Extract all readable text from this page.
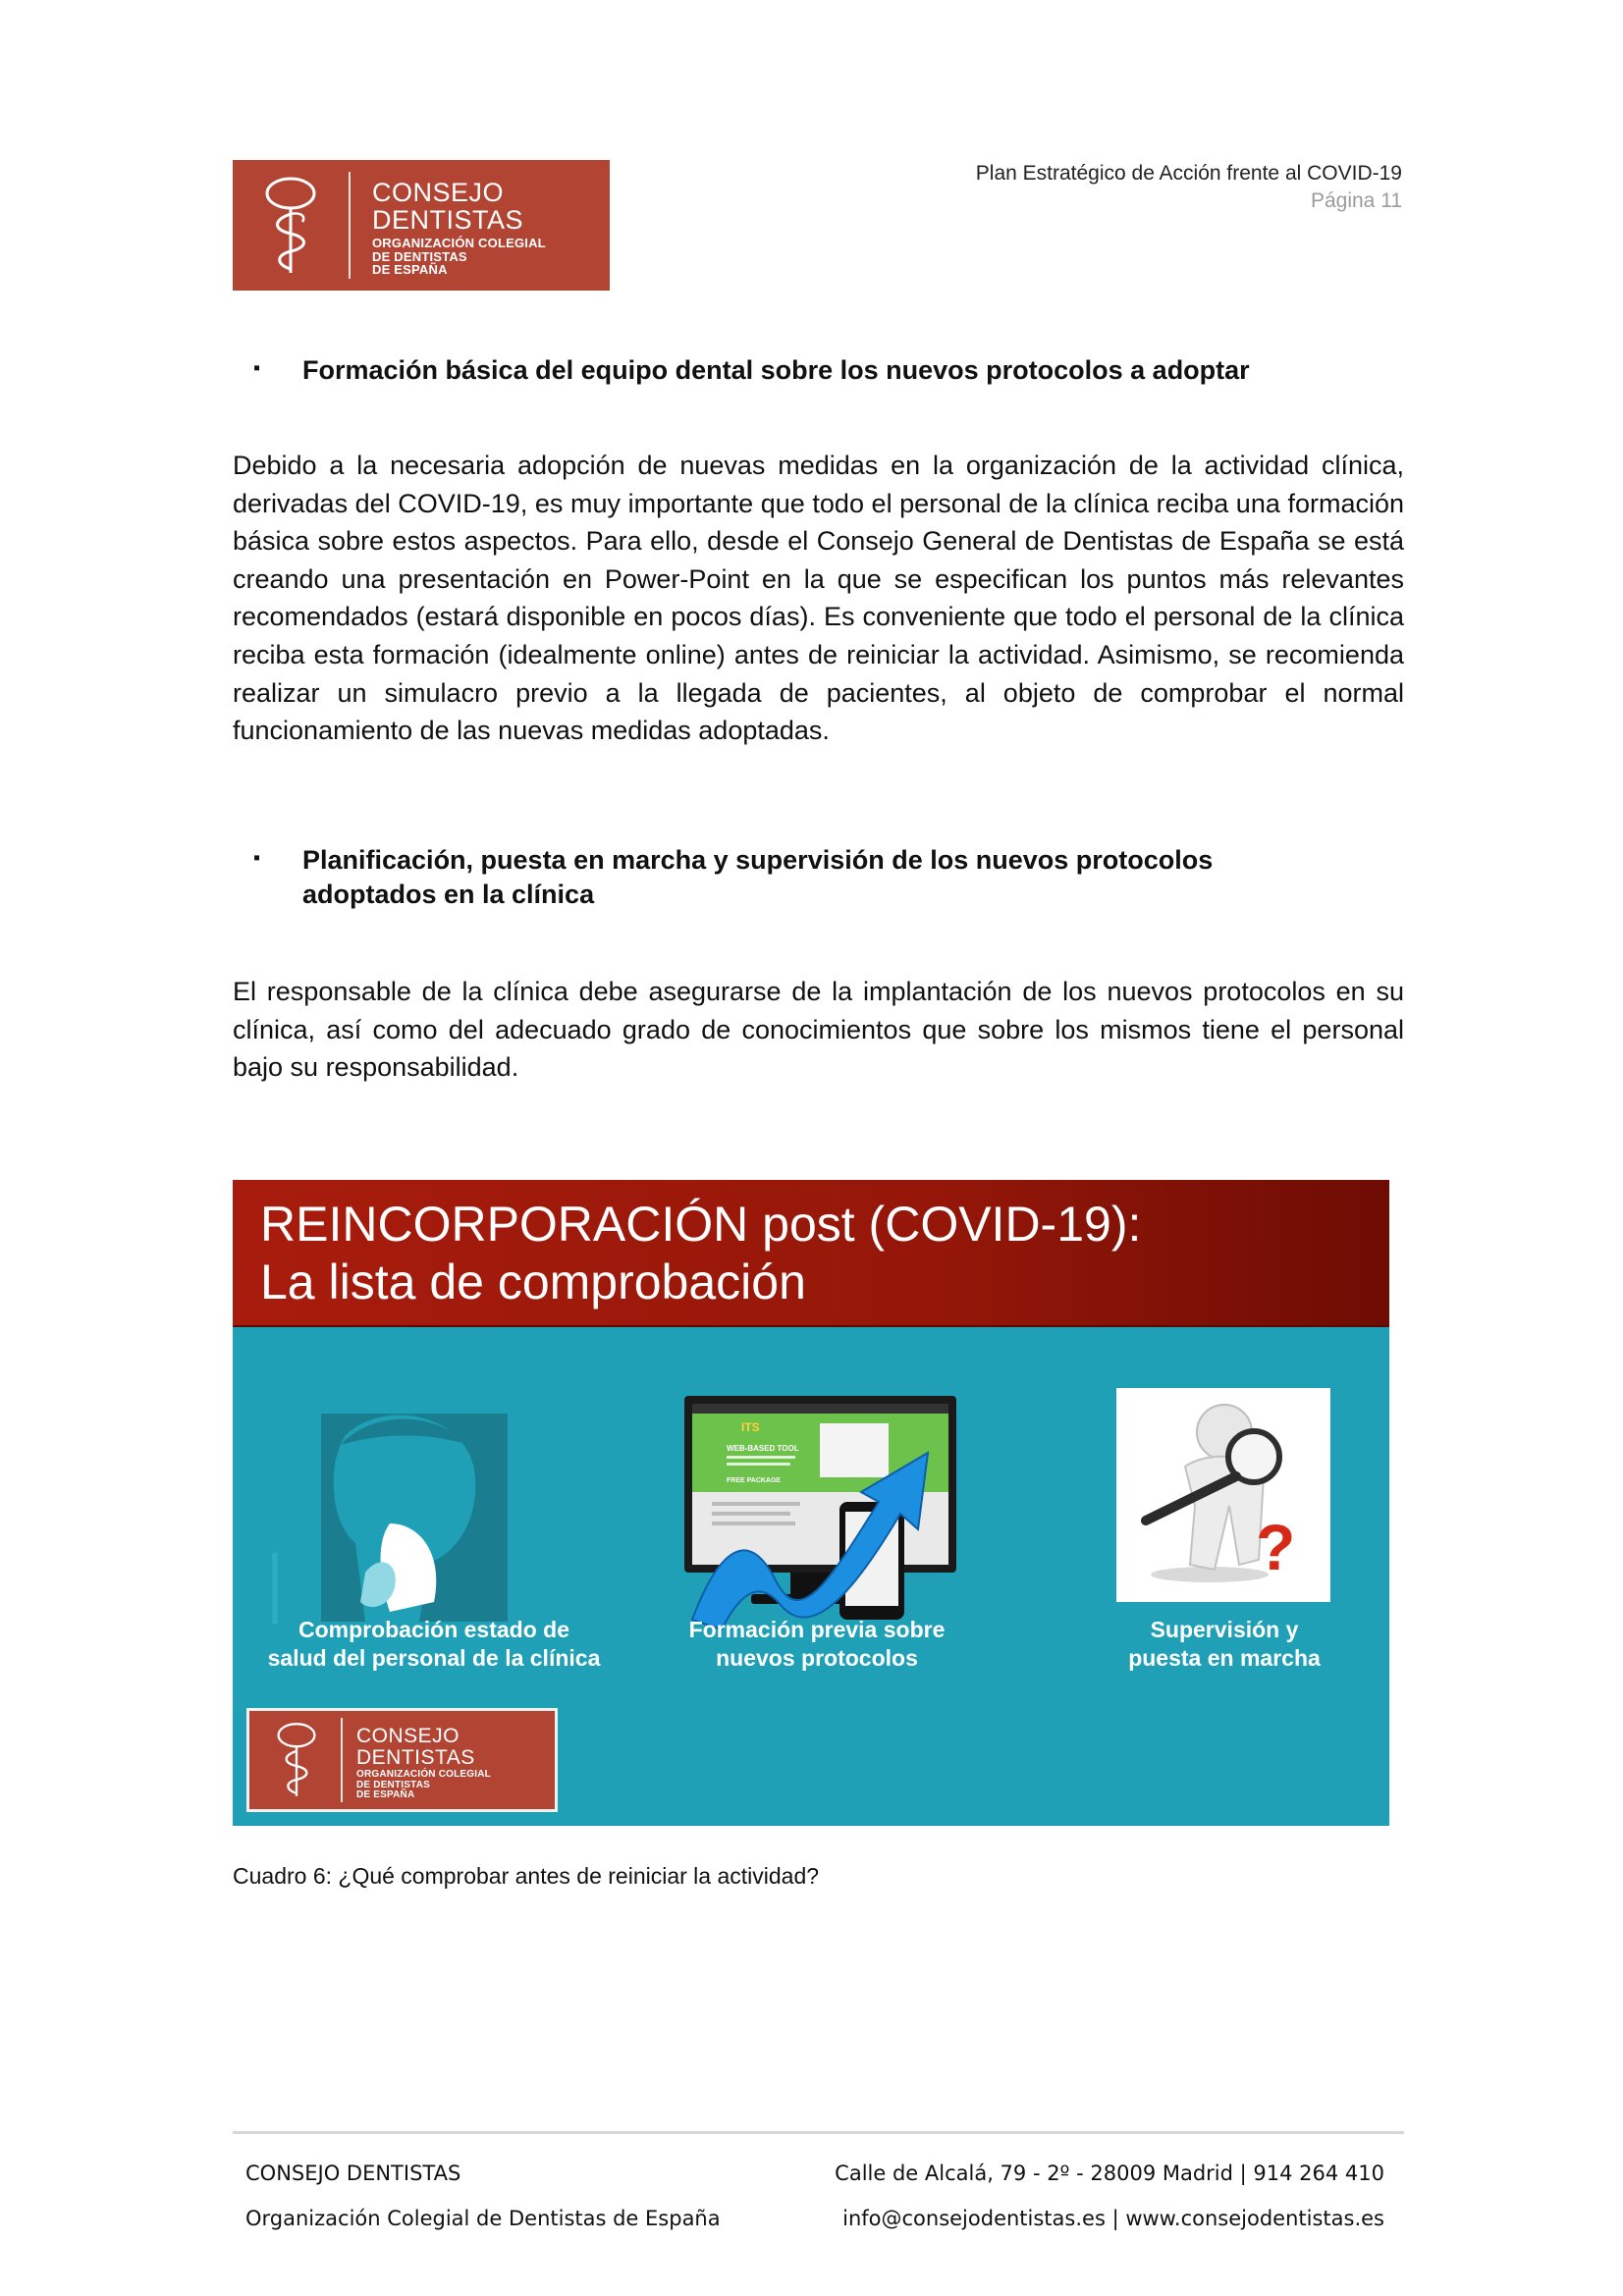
CONSEJO
DENTISTAS
ORGANIZACIÓN COLEGIAL
DE DENTISTAS
DE ESPAÑA
Plan Estratégico de Acción frente al COVID-19
Página 11
▪ Formación básica del equipo dental sobre los nuevos protocolos a adoptar
Debido a la necesaria adopción de nuevas medidas en la organización de la actividad clínica, derivadas del COVID-19, es muy importante que todo el personal de la clínica reciba una formación básica sobre estos aspectos. Para ello, desde el Consejo General de Dentistas de España se está creando una presentación en Power-Point en la que se especifican los puntos más relevantes recomendados (estará disponible en pocos días). Es conveniente que todo el personal de la clínica reciba esta formación (idealmente online) antes de reiniciar la actividad. Asimismo, se recomienda realizar un simulacro previo a la llegada de pacientes, al objeto de comprobar el normal funcionamiento de las nuevas medidas adoptadas.
▪ Planificación, puesta en marcha y supervisión de los nuevos protocolos
adoptados en la clínica
El responsable de la clínica debe asegurarse de la implantación de los nuevos protocolos en su clínica, así como del adecuado grado de conocimientos que sobre los mismos tiene el personal bajo su responsabilidad.
REINCORPORACIÓN post (COVID-19):
La lista de comprobación
ITS
WEB-BASED TOOL
FREE PACKAGE
?
Comprobación estado de
salud del personal de la clínica
Formación previa sobre
nuevos protocolos
Supervisión y
puesta en marcha
CONSEJO
DENTISTAS
ORGANIZACIÓN COLEGIAL
DE DENTISTAS
DE ESPAÑA
Cuadro 6: ¿Qué comprobar antes de reiniciar la actividad?
CONSEJO DENTISTAS	Calle de Alcalá, 79 - 2º - 28009 Madrid | 914 264 410
Organización Colegial de Dentistas de España	info@consejodentistas.es | www.consejodentistas.es
